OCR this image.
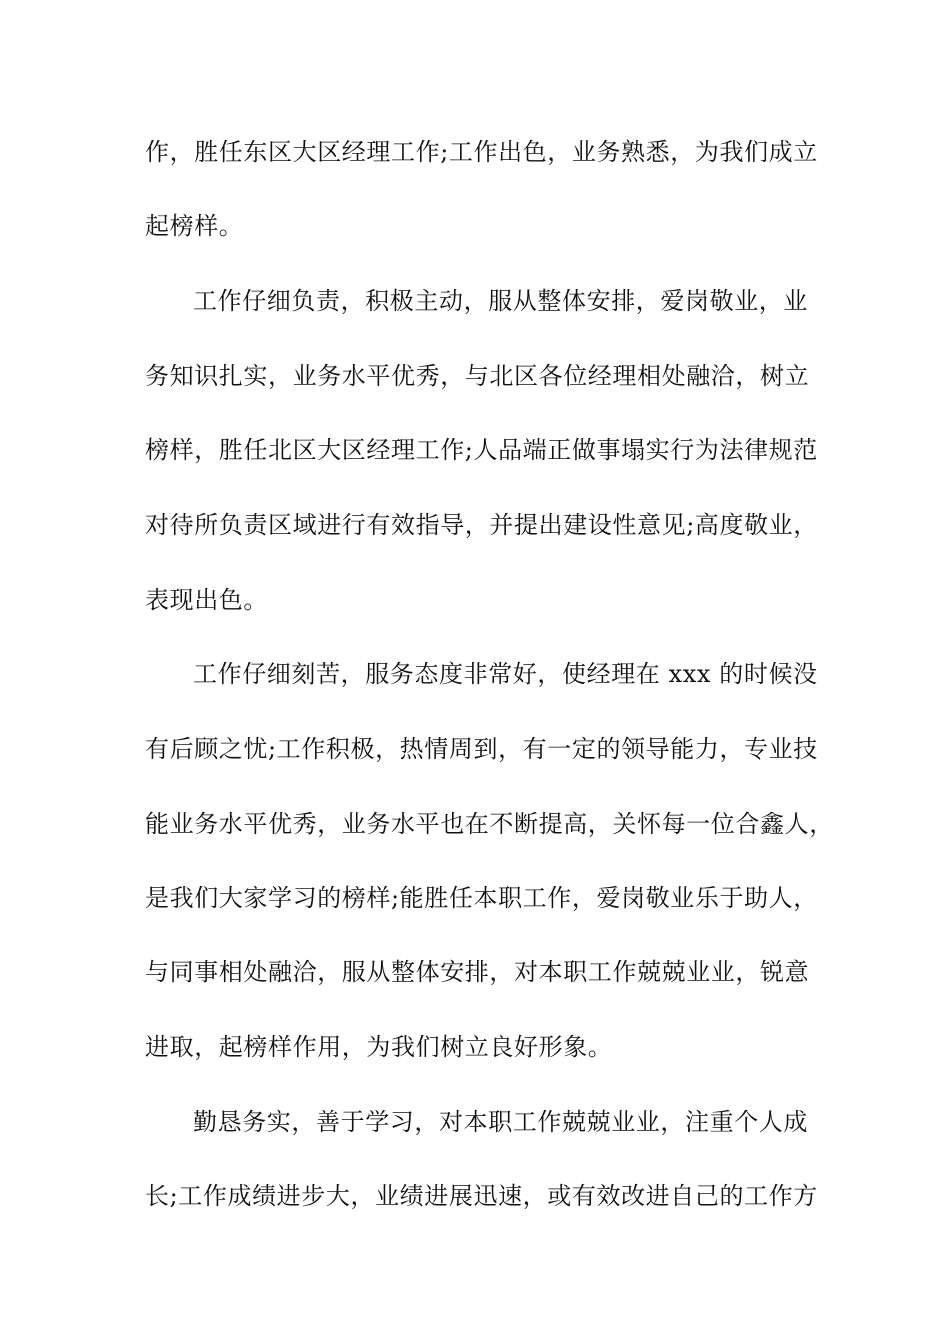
作，胜任东区大区经理工作;工作出色，业务熟悉，为我们成立
起榜样。
工作仔细负责，积极主动，服从整体安排，爱岗敬业，业
务知识扎实，业务水平优秀，与北区各位经理相处融洽，树立
榜样，胜任北区大区经理工作;人品端正做事塌实行为法律规范
对待所负责区域进行有效指导，并提出建设性意见;高度敬业，
表现出色。
工作仔细刻苦，服务态度非常好，使经理在 xxx 的时候没
有后顾之忧;工作积极，热情周到，有一定的领导能力，专业技
能业务水平优秀，业务水平也在不断提高，关怀每一位合鑫人，
是我们大家学习的榜样;能胜任本职工作，爱岗敬业乐于助人，
与同事相处融洽，服从整体安排，对本职工作兢兢业业，锐意
进取，起榜样作用，为我们树立良好形象。
勤恳务实，善于学习，对本职工作兢兢业业，注重个人成
长;工作成绩进步大，业绩进展迅速，或有效改进自己的工作方
